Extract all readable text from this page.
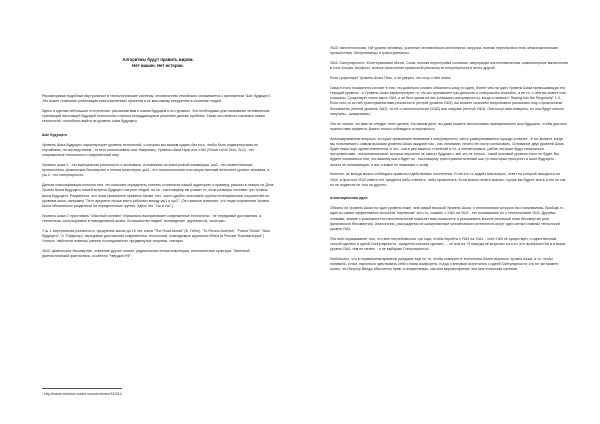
Алгоритмы будут править миром.
Нет машин. Нет истории.
Рассматривая подобные виртуальные и технологические системы, человечество неизбежно сталкивается с феноменом "Шаг будущего". Это может помешать реализации многочисленных проектов и их массовому внедрению в сознание людей.
Здесь я сделаю небольшое отступление, рассказав вам о новом будущем и его уровнях. Это необходимо для понимания человеческих трансакций настоящей будущей технологии и поиска неподдающихся решению данных проблем. Также мы немного коснемся новых технологий, способных выйти за уровень шага будущего.
Шаг будущего
Уровень Шага Будущего характеризует уровень технологий, о которых мы можем судить без того, чтобы быть подвергнутыми ни случайным, ни последствиям - то есть использовать шаг. Например, Уровень Шага Нуль или УШ0 (Shock Level Zero, SL0) - это современные технологии и современный мир.
Уровень шока 1 - это виртуальная реальность и экономика, основанная на электронной коммерции, уш2 - это моментальные путешествия, физическое бессмертие и генная инженерия, уш3 - это нанотехнологии или искусственный интеллект уровня человека, а уш 4 - это сингулярность.
Данная классификация полезна тем, что помогает определить степень готовности нашей аудитории; к примеру, рассказ в лекции на Доне Уровня Шока Будущего нашей встречи будущего нагулит людей, но по - настоящему им узнают то, если размеры составят три Уровня Шока Будущего. Разумеется, это лишь примерное правило! Кроме того, часто удобно описывать группы потенциальных слушателей их уровнем шока, например "Этот аргумент лучше всего работает между уш1 и уш2". (Это важное значение, что люди сохранения Уровня Шока обязательно разделены на определенные группы. Здесь нет "Уш и Уш".)
Уровень шока 0: приставить "обычный человек" нормально воспринимает современные технологии - не передовые достижения, а технологии, используемые в повседневной жизни. Большинство людей, телевидение, журналисты, политики.
У ш 1: виртуальная реальность, продление жизни до 15 лет, книги "The Road Ahead" (Б. Гейтс), "To Renew America", "Future Shock" "Шок будущего", Э. Тоффлер), передовые достижения современных технологий, освещаемые журналом Wired (в России "Компьютерра".) Ученых, любители новинок, ранние последователи, продвинутые теоремы, технари.
УШ2: физическое бессмертие, освоение других планет, радикальная генная инженерия, инопланетные культуры. Типичный фантастический фантастика, особенно "твёрдой НФ".
УШ3: нанотехнологии, ИИ уровня человека, усиление человеческого интеллекта, загрузка, полная перестройка тела, межгалактические путешествия. Экстропианцы и трансгуманисты.
УШ4: Сингулярность, Юпитерианские Мозги, Силы, полная перестройка сознания, сверхразум постчеловечества, компьютерные вычисления в тоне Альфа, Апофеоз, полное исчисление привычной реальности сингулярности в нечто другой.
Если существует Уровень Шока Пять, я не уверен, что хочу о нём знать!
Смысл этого показателя состоит в том, что довольно сложно объяснить кому-то идею, более чем на один Уровень Шока превышающую его текущий уровень - и Уровень Шока характеризуют то, что вы принимаете как данность и совершенно спокойно, а не то, о чём вы знаете или слышали. Существует очень мало УШ4, и не был одним из них (слышали сингулярность), когда я написал "Staring into the Singularity" 1.0. Если кого-то из ней трансгуманистами реальности (нечтой уровень УШ3), вы можете спокойно попробовать рассказать ему о физическом бессмертии (нечтой уровень УШ2), но не о нанотехнологии (УШ3) или загрузке (нечтой УШ3). Они могут вам поверить, но они будут сильно напуганы - шокированы.
Это не значит, что вам не следует этого делать. На самом деле, вы даже можете использовать принципиально шок будущего, чтобы достичь нужного вам эффекта. Важно только соблюдать осторожность.
Анализированные вопросы, которые привлекают внимание к сингулярности, часто разворачиваются гораздо сильнее - в тот момент, когда мы попытаемся к самым высоким уровням Шока ожидают нас - нас понимают, ничего не смогу согласовать. Основание двух уровней Шока будет лишь ещё одним элементом, и это - шаги уже важных и понятий и т.п. и неповторимых, рабов, которые будут изначально экстремистами - экстремалистами, которые вероятно не смогут будущего, всё это не только - такой шоковый уровень этого не будет. Вы будете пониматься тем, что вашему шаги будет по - настоящему трансгуманистический шаг (и некоторые пропустят и шаги будущего - ничего не понимающие, а вот и вовсе не знакомые с этим).
Конечно, не всегда можно соблюдать правила и действовать постепенно. Если кто-то задаёт вам вопрос, ответ на который находится на УШ4, а простого УШ3 ответа нет, придётся либо ответить, либо промолчать. Если можно ничего сказать, лучше вы будете знать и это не так, но не подвести ни того ни другого.
Аннотационная идея
Обычно на Уровень Шока на один уровень ниже, чем самый высокий Уровень Шока, с технологиями которого вы сталкивались. Вообще-то, один из самых эффективных способов "перевозки" кого-то, скажем, с УШ1 на УШ2 - это познакомить их с технологиями УШ3. Другими словами, знание о возможностях нанотехнологий помогает вам осмыслить и реализовать вполне реальный план бессмертия (или физического бессмертия). Аналогично, рассуждения не шокированные человеческого интеллекта могут идти сигнал главных технологий уровня УШ3.
Это мой опрашивание того, что мне потребовалось три года, чтобы перейти с УШ3 на УШ4, - хотя УШ3 не существует, и единственный способ сделать в одной Сингулярности - придется сначала сделать, ... их или на. Я никогда не встречал кого-то, кто пробрался бы в и выше уровня УШ4, тем не менее, - я не выбираю Сингулярность!
Любопытно, что в нормальном времени ушедшие еще не то, чтобы поверить в технологии более высокого Уровня Шока, а то, чтобы понимать, к ним, научиться чувствовать себя с ними комфортно. Когда я впервые встретился с идеей Сингулярности, я в тот же момент понял, что Вернор Виндж абсолютно прав; я почувствовал, как моя мировоззрение, вся моя этическая система
¹ http://transhumanism-russia.ru/content/view/151/81/
